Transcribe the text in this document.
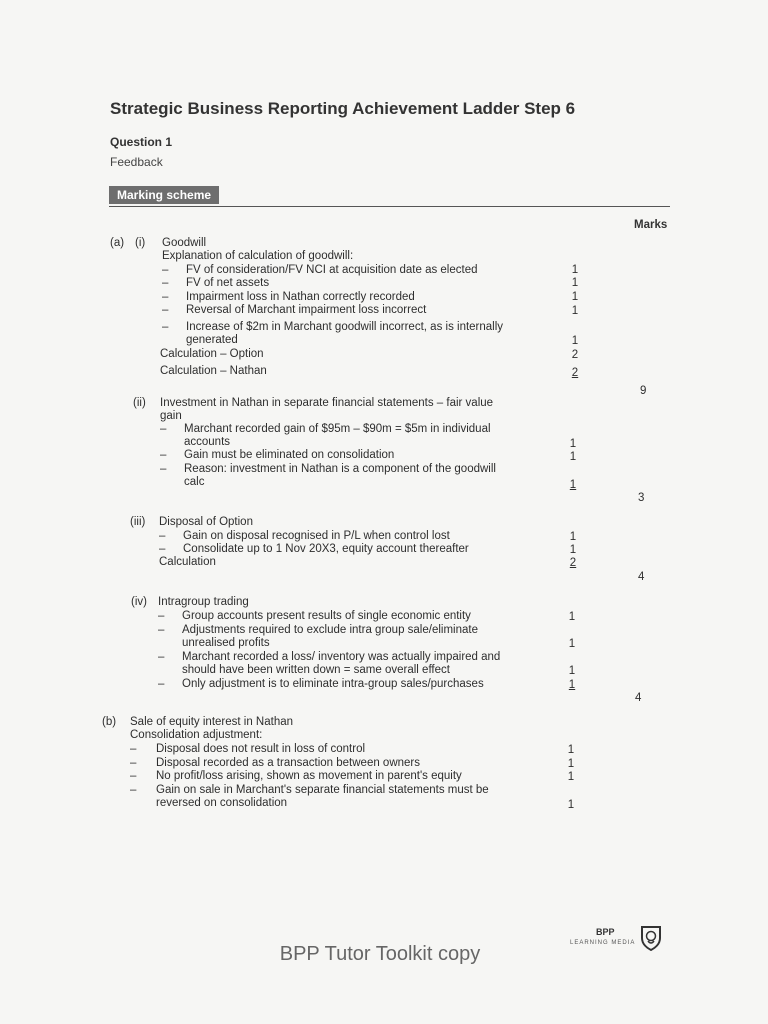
Strategic Business Reporting Achievement Ladder Step 6
Question 1
Feedback
Marking scheme
Marks
(a) (i) Goodwill
Explanation of calculation of goodwill:
– FV of consideration/FV NCI at acquisition date as elected	1
– FV of net assets	1
– Impairment loss in Nathan correctly recorded	1
– Reversal of Marchant impairment loss incorrect	1
– Increase of $2m in Marchant goodwill incorrect, as is internally
generated	1
Calculation – Option	2
Calculation – Nathan	2
9
(ii) Investment in Nathan in separate financial statements – fair value
gain
– Marchant recorded gain of $95m – $90m = $5m in individual
accounts	1
– Gain must be eliminated on consolidation	1
– Reason: investment in Nathan is a component of the goodwill
calc	1
3
(iii) Disposal of Option
– Gain on disposal recognised in P/L when control lost	1
– Consolidate up to 1 Nov 20X3, equity account thereafter	1
Calculation	2
4
(iv) Intragroup trading
– Group accounts present results of single economic entity	1
– Adjustments required to exclude intra group sale/eliminate
unrealised profits	1
– Marchant recorded a loss/ inventory was actually impaired and
should have been written down = same overall effect	1
– Only adjustment is to eliminate intra-group sales/purchases	1
4
(b) Sale of equity interest in Nathan
Consolidation adjustment:
– Disposal does not result in loss of control	1
– Disposal recorded as a transaction between owners	1
– No profit/loss arising, shown as movement in parent's equity	1
– Gain on sale in Marchant's separate financial statements must be
reversed on consolidation	1
BPP Tutor Toolkit copy
BPP
LEARNING MEDIA
